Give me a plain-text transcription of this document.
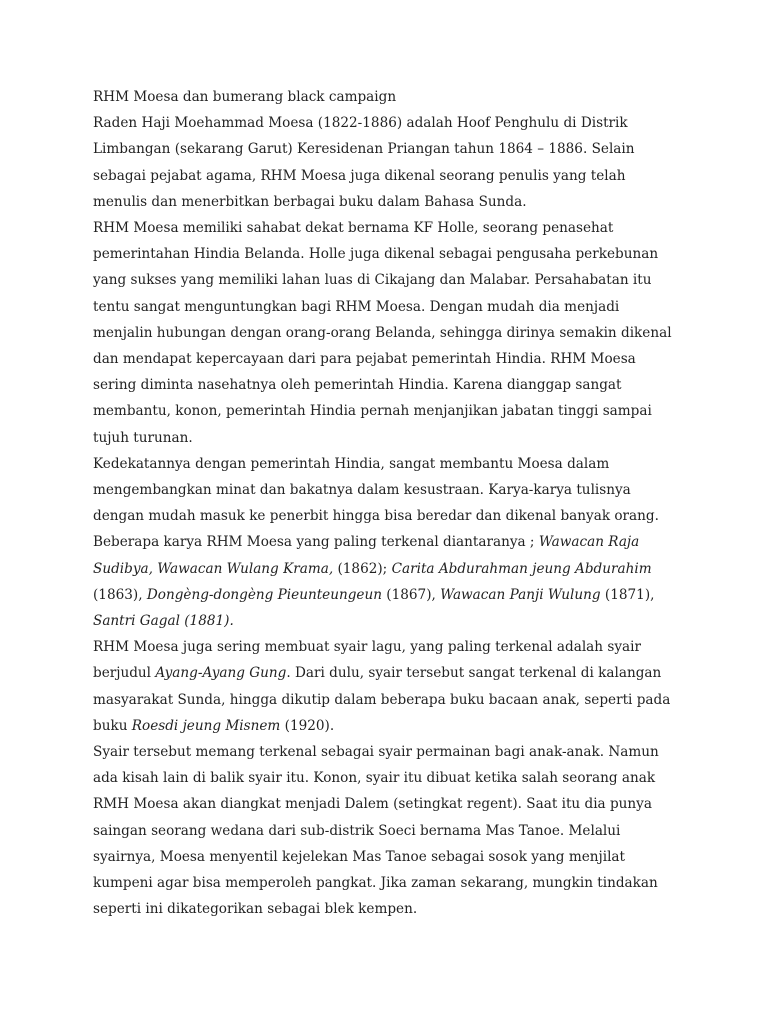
RHM Moesa dan bumerang black campaign

Raden Haji Moehammad Moesa (1822-1886) adalah Hoof Penghulu di Distrik Limbangan (sekarang Garut) Keresidenan Priangan tahun 1864 – 1886. Selain sebagai pejabat agama, RHM Moesa juga dikenal seorang penulis yang telah menulis dan menerbitkan berbagai buku dalam Bahasa Sunda.

RHM Moesa memiliki sahabat dekat bernama KF Holle, seorang penasehat pemerintahan Hindia Belanda. Holle juga dikenal sebagai pengusaha perkebunan yang sukses yang memiliki lahan luas di Cikajang dan Malabar. Persahabatan itu tentu sangat menguntungkan bagi RHM Moesa. Dengan mudah dia menjadi menjalin hubungan dengan orang-orang Belanda, sehingga dirinya semakin dikenal dan mendapat kepercayaan dari para pejabat pemerintah Hindia. RHM Moesa sering diminta nasehatnya oleh pemerintah Hindia. Karena dianggap sangat membantu, konon, pemerintah Hindia pernah menjanjikan jabatan tinggi sampai tujuh turunan.

Kedekatannya dengan pemerintah Hindia, sangat membantu Moesa dalam mengembangkan minat dan bakatnya dalam kesustraan. Karya-karya tulisnya dengan mudah masuk ke penerbit hingga bisa beredar dan dikenal banyak orang. Beberapa karya RHM Moesa yang paling terkenal diantaranya ; Wawacan Raja Sudibya, Wawacan Wulang Krama, (1862); Carita Abdurahman jeung Abdurahim (1863), Dongèng-dongèng Pieunteungeun (1867), Wawacan Panji Wulung (1871), Santri Gagal (1881).

RHM Moesa juga sering membuat syair lagu, yang paling terkenal adalah syair berjudul Ayang-Ayang Gung. Dari dulu, syair tersebut sangat terkenal di kalangan masyarakat Sunda, hingga dikutip dalam beberapa buku bacaan anak, seperti pada buku Roesdi jeung Misnem (1920).

Syair tersebut memang terkenal sebagai syair permainan bagi anak-anak. Namun ada kisah lain di balik syair itu. Konon, syair itu dibuat ketika salah seorang anak RMH Moesa akan diangkat menjadi Dalem (setingkat regent). Saat itu dia punya saingan seorang wedana dari sub-distrik Soeci bernama Mas Tanoe. Melalui syairnya, Moesa menyentil kejelekan Mas Tanoe sebagai sosok yang menjilat kumpeni agar bisa memperoleh pangkat. Jika zaman sekarang, mungkin tindakan seperti ini dikategorikan sebagai blek kempen.
